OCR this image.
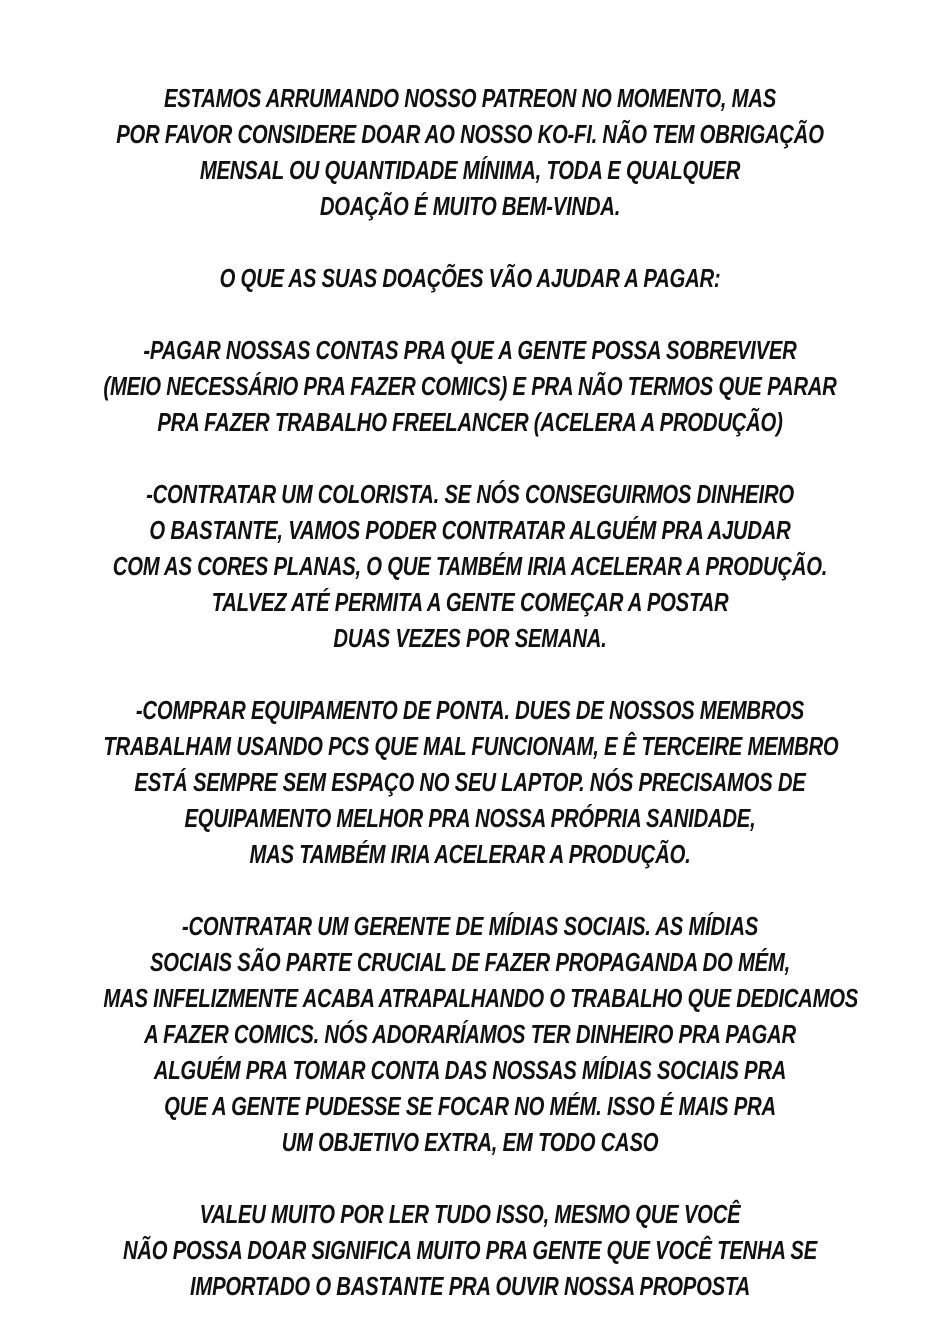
ESTAMOS ARRUMANDO NOSSO PATREON NO MOMENTO, MAS
POR FAVOR CONSIDERE DOAR AO NOSSO KO-FI. NÃO TEM OBRIGAÇÃO
MENSAL OU QUANTIDADE MÍNIMA, TODA E QUALQUER
DOAÇÃO É MUITO BEM-VINDA.
O QUE AS SUAS DOAÇÕES VÃO AJUDAR A PAGAR:
-PAGAR NOSSAS CONTAS PRA QUE A GENTE POSSA SOBREVIVER
(MEIO NECESSÁRIO PRA FAZER COMICS) E PRA NÃO TERMOS QUE PARAR
PRA FAZER TRABALHO FREELANCER (ACELERA A PRODUÇÃO)
-CONTRATAR UM COLORISTA. SE NÓS CONSEGUIRMOS DINHEIRO
O BASTANTE, VAMOS PODER CONTRATAR ALGUÉM PRA AJUDAR
COM AS CORES PLANAS, O QUE TAMBÉM IRIA ACELERAR A PRODUÇÃO.
TALVEZ ATÉ PERMITA A GENTE COMEÇAR A POSTAR
DUAS VEZES POR SEMANA.
-COMPRAR EQUIPAMENTO DE PONTA. DUES DE NOSSOS MEMBROS
TRABALHAM USANDO PCS QUE MAL FUNCIONAM, E Ê TERCEIRE MEMBRO
ESTÁ SEMPRE SEM ESPAÇO NO SEU LAPTOP. NÓS PRECISAMOS DE
EQUIPAMENTO MELHOR PRA NOSSA PRÓPRIA SANIDADE,
MAS TAMBÉM IRIA ACELERAR A PRODUÇÃO.
-CONTRATAR UM GERENTE DE MÍDIAS SOCIAIS. AS MÍDIAS
SOCIAIS SÃO PARTE CRUCIAL DE FAZER PROPAGANDA DO MÉM,
MAS INFELIZMENTE ACABA ATRAPALHANDO O TRABALHO QUE DEDICAMOS
A FAZER COMICS. NÓS ADORARÍAMOS TER DINHEIRO PRA PAGAR
ALGUÉM PRA TOMAR CONTA DAS NOSSAS MÍDIAS SOCIAIS PRA
QUE A GENTE PUDESSE SE FOCAR NO MÉM. ISSO É MAIS PRA
UM OBJETIVO EXTRA, EM TODO CASO
VALEU MUITO POR LER TUDO ISSO, MESMO QUE VOCÊ
NÃO POSSA DOAR SIGNIFICA MUITO PRA GENTE QUE VOCÊ TENHA SE
IMPORTADO O BASTANTE PRA OUVIR NOSSA PROPOSTA
